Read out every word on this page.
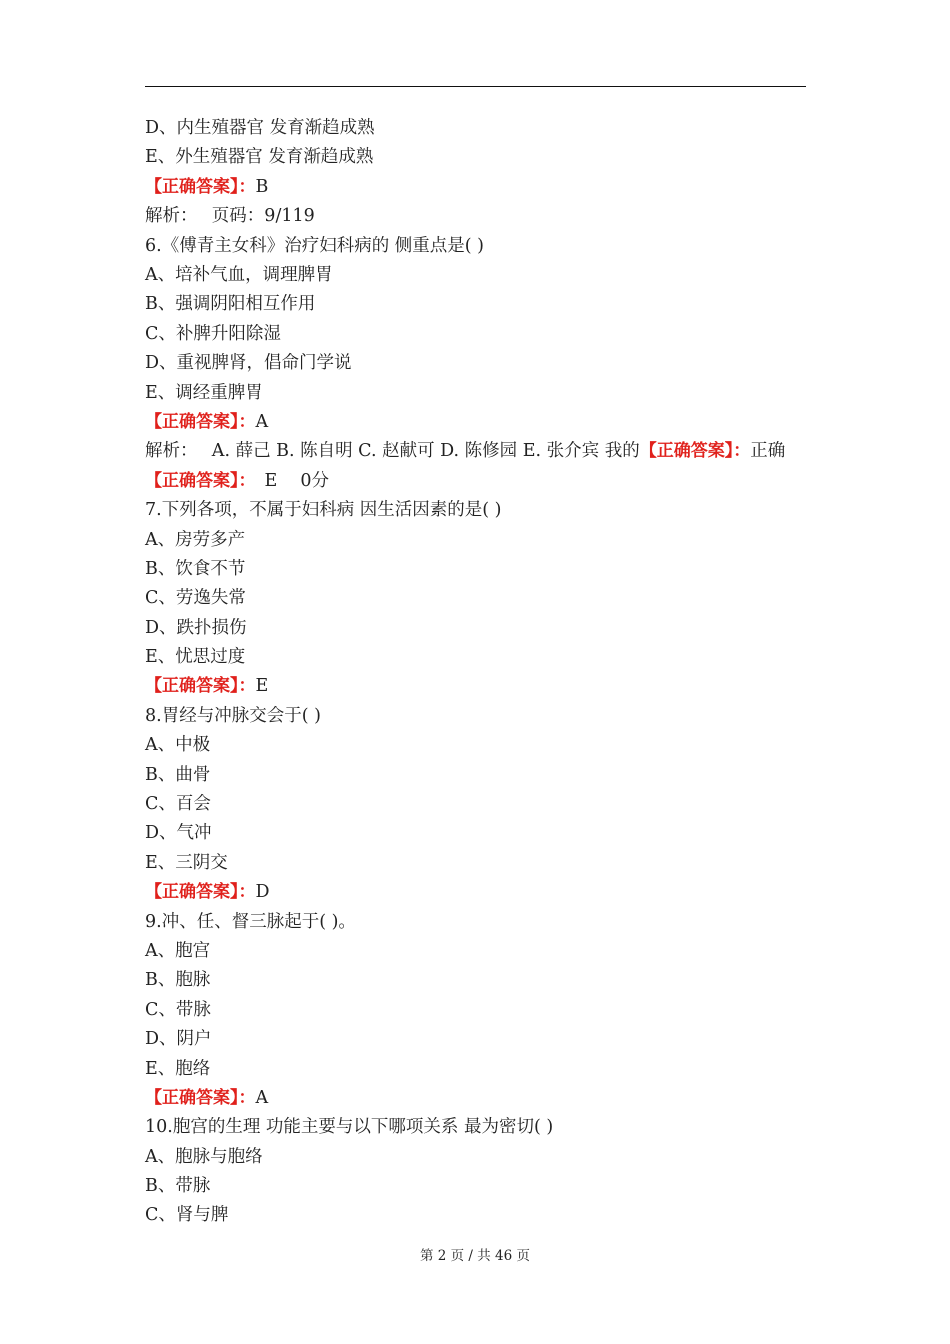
D、内生殖器官 发育渐趋成熟
E、外生殖器官 发育渐趋成熟
【正确答案】：B
解析：　 页码：9/119
6.《傅青主女科》治疗妇科病的 侧重点是( )
A、培补气血，调理脾胃
B、强调阴阳相互作用
C、补脾升阳除湿
D、重视脾肾，倡命门学说
E、调经重脾胃
【正确答案】：A
解析：　 A. 薛己 B. 陈自明 C. 赵献可 D. 陈修园 E. 张介宾 我的【正确答案】：正确【正确答案】：　 E　 0分
7.下列各项，不属于妇科病 因生活因素的是( )
A、房劳多产
B、饮食不节
C、劳逸失常
D、跌扑损伤
E、忧思过度
【正确答案】：E
8.胃经与冲脉交会于( )
A、中极
B、曲骨
C、百会
D、气冲
E、三阴交
【正确答案】：D
9.冲、任、督三脉起于( )。
A、胞宫
B、胞脉
C、带脉
D、阴户
E、胞络
【正确答案】：A
10.胞宫的生理 功能主要与以下哪项关系 最为密切( )
A、胞脉与胞络
B、带脉
C、肾与脾
第 2 页 / 共 46 页
